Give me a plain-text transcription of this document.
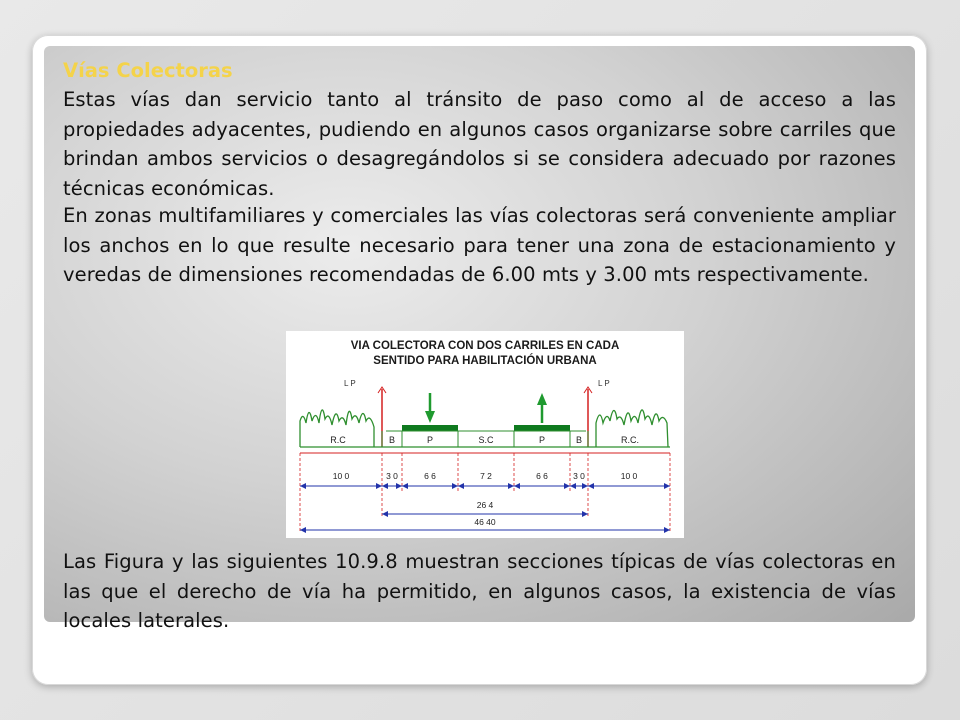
Vías Colectoras
Estas vías dan servicio tanto al tránsito de paso como al de acceso a las propiedades adyacentes, pudiendo en algunos casos organizarse sobre carriles que brindan ambos servicios o desagregándolos si se considera adecuado por razones técnicas económicas.
En zonas multifamiliares y comerciales las vías colectoras será conveniente ampliar los anchos en lo que resulte necesario para tener una zona de estacionamiento y veredas de dimensiones recomendadas de 6.00 mts y 3.00 mts respectivamente.
VIA COLECTORA CON DOS CARRILES EN CADA
SENTIDO PARA HABILITACIÓN URBANA
L P	L P
R.C	B	P	S.C	P	B	R.C.
10 0	3 0	6 6	7 2	6 6	3 0	10 0
26 4
46 40
Las Figura y las siguientes 10.9.8 muestran secciones típicas de vías colectoras en las que el derecho de vía ha permitido, en algunos casos, la existencia de vías locales laterales.
